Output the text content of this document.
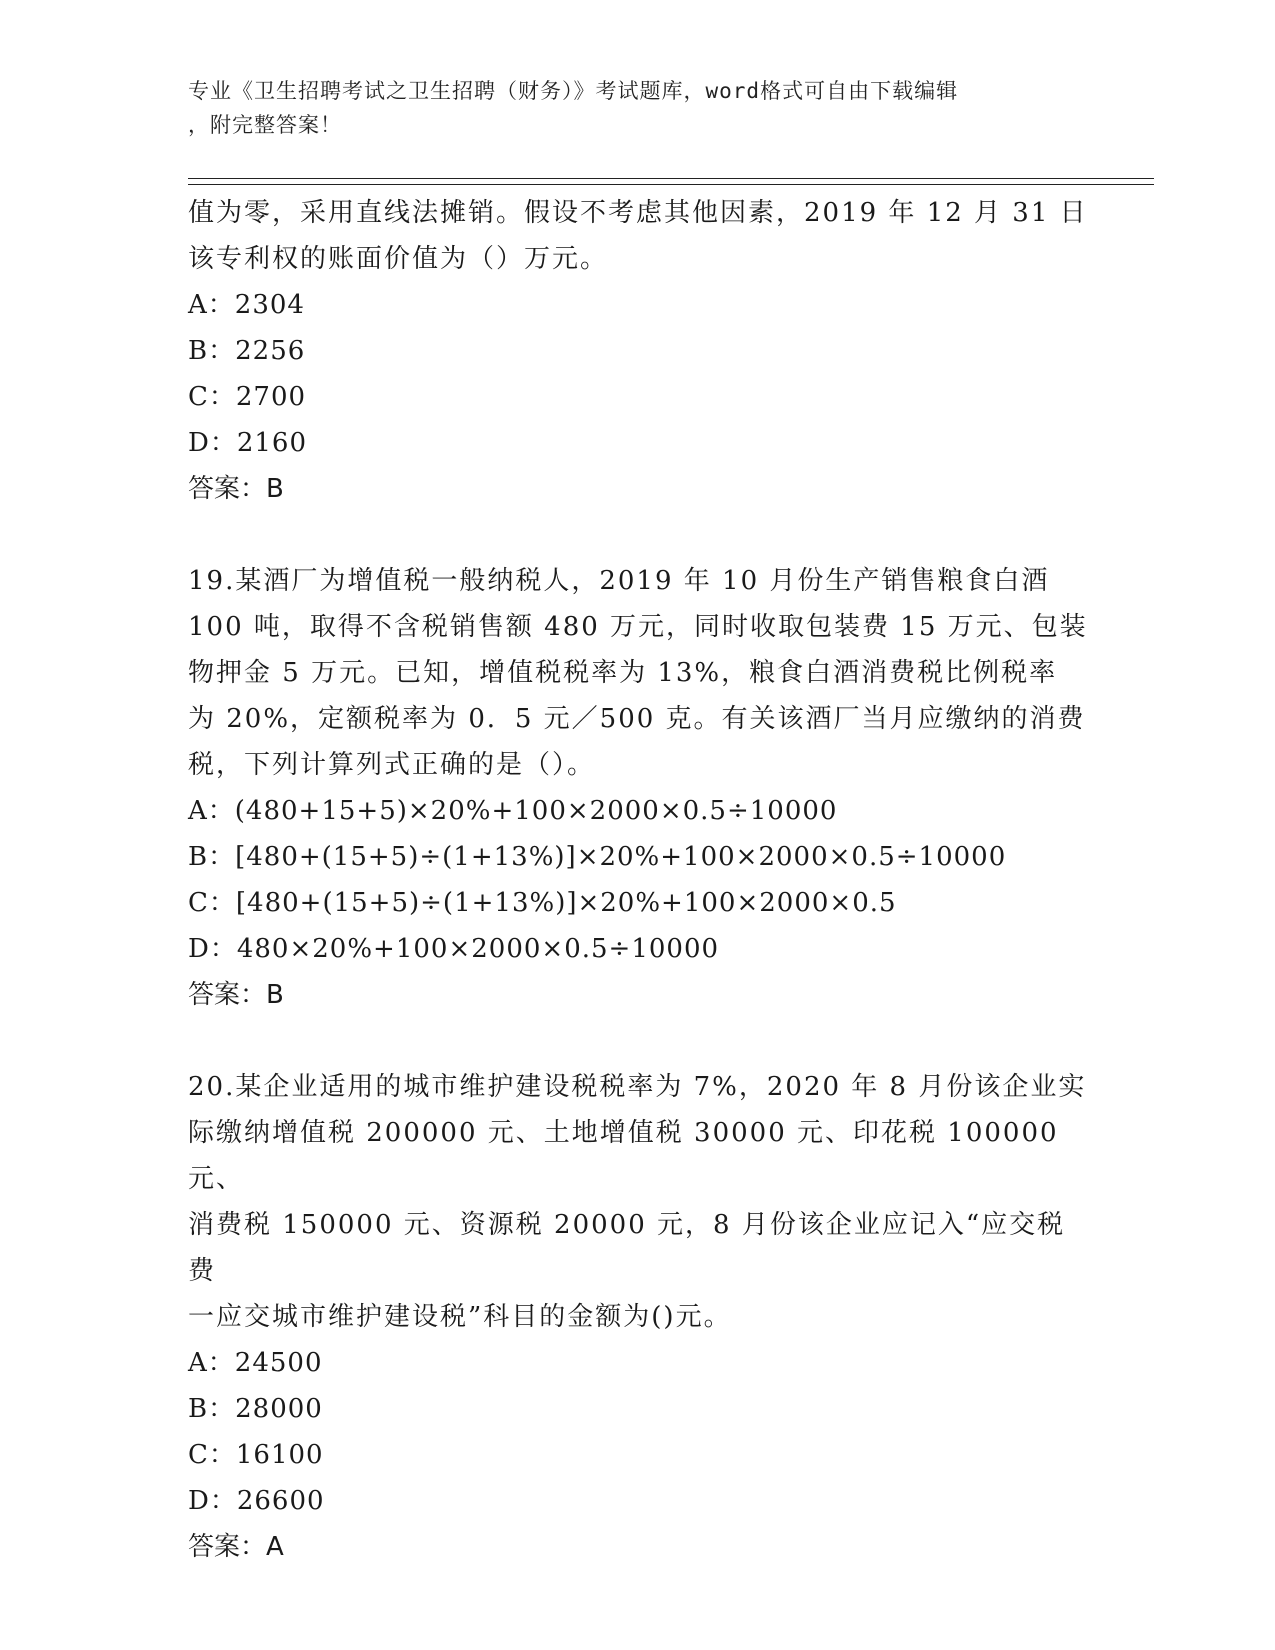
专业《卫生招聘考试之卫生招聘（财务）》考试题库，word格式可自由下载编辑
，附完整答案！

值为零，采用直线法摊销。假设不考虑其他因素，2019 年 12 月 31 日

该专利权的账面价值为（）万元。

A：2304

B：2256

C：2700

D：2160

答案：B

19.某酒厂为增值税一般纳税人，2019 年 10 月份生产销售粮食白酒

100 吨，取得不含税销售额 480 万元，同时收取包装费 15 万元、包装

物押金 5 万元。已知，增值税税率为 13%，粮食白酒消费税比例税率

为 20%，定额税率为 0．5 元／500 克。有关该酒厂当月应缴纳的消费

税，下列计算列式正确的是（）。

A：(480+15+5)×20%+100×2000×0.5÷10000

B：[480+(15+5)÷(1+13%)]×20%+100×2000×0.5÷10000

C：[480+(15+5)÷(1+13%)]×20%+100×2000×0.5

D：480×20%+100×2000×0.5÷10000

答案：B

20.某企业适用的城市维护建设税税率为 7%，2020 年 8 月份该企业实

际缴纳增值税 200000 元、土地增值税 30000 元、印花税 100000 元、

消费税 150000 元、资源税 20000 元，8 月份该企业应记入“应交税费

一应交城市维护建设税”科目的金额为()元。

A：24500

B：28000

C：16100

D：26600

答案：A
